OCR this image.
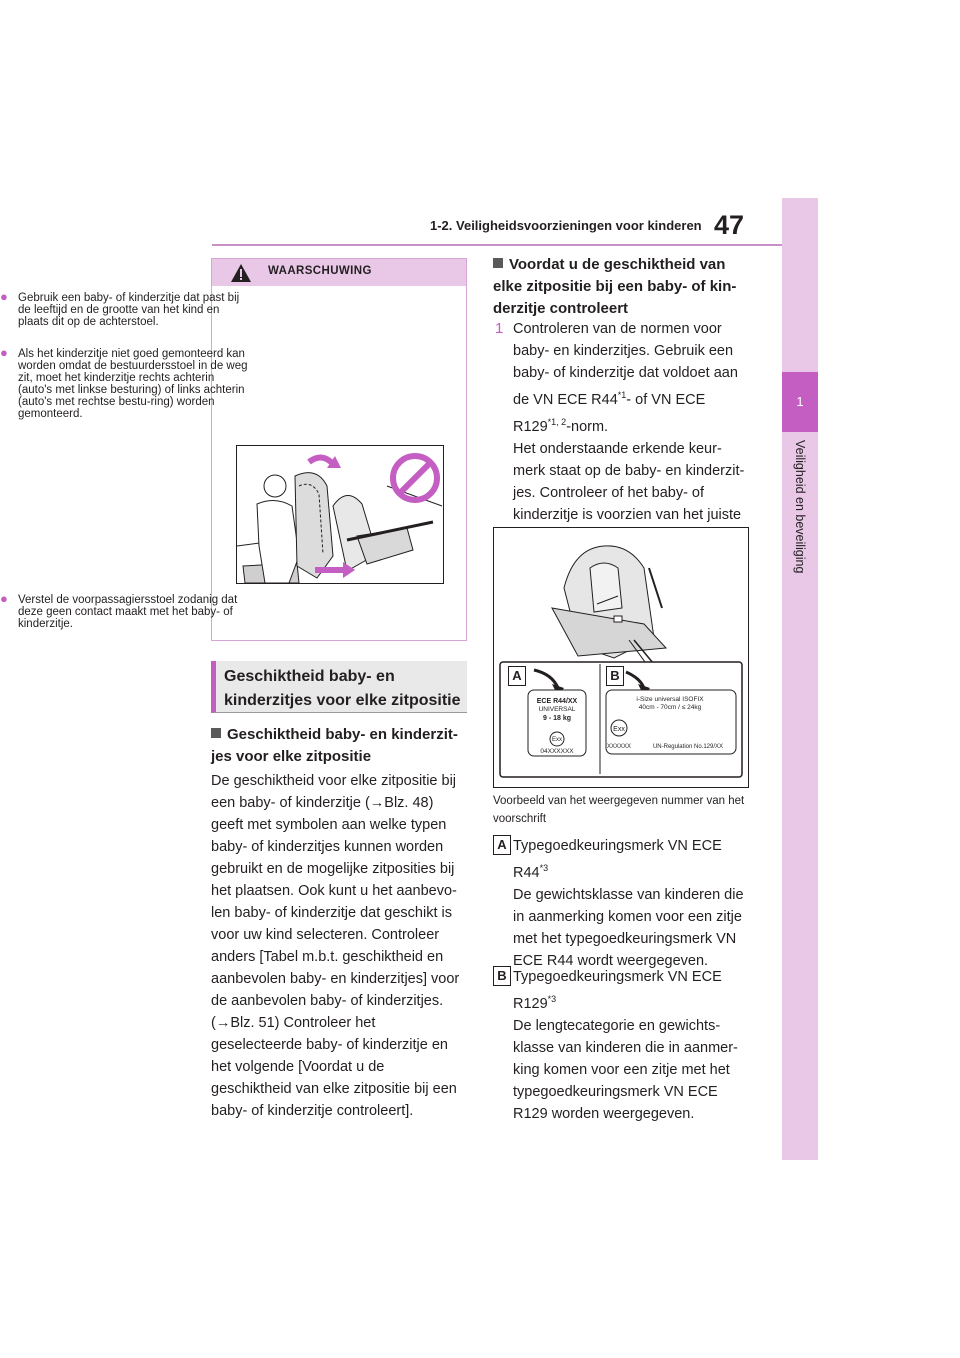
1-2. Veiligheidsvoorzieningen voor kinderen 47
1
Veiligheid en beveiliging
WAARSCHUWING
● Gebruik een baby- of kinderzitje dat past bij de leeftijd en de grootte van het kind en plaats dit op de achterstoel.
● Als het kinderzitje niet goed gemonteerd kan worden omdat de bestuurdersstoel in de weg zit, moet het kinderzitje rechts achterin (auto's met linkse besturing) of links achterin (auto's met rechtse bestu-ring) worden gemonteerd.
● Verstel de voorpassagiersstoel zodanig dat deze geen contact maakt met het baby- of kinderzitje.
Geschiktheid baby- en kinderzitjes voor elke zitpositie
Geschiktheid baby- en kinderzit-jes voor elke zitpositie
De geschiktheid voor elke zitpositie bij een baby- of kinderzitje (→Blz. 48) geeft met symbolen aan welke typen baby- of kinderzitjes kunnen worden gebruikt en de mogelijke zitposities bij het plaatsen. Ook kunt u het aanbevo-len baby- of kinderzitje dat geschikt is voor uw kind selecteren. Controleer anders [Tabel m.b.t. geschiktheid en aanbevolen baby- en kinderzitjes] voor de aanbevolen baby- of kinderzitjes. (→Blz. 51) Controleer het geselecteerde baby- of kinderzitje en het volgende [Voordat u de geschiktheid van elke zitpositie bij een baby- of kinderzitje controleert].
Voordat u de geschiktheid van elke zitpositie bij een baby- of kin-derzitje controleert
1 Controleren van de normen voor baby- en kinderzitjes. Gebruik een baby- of kinderzitje dat voldoet aan de VN ECE R44$^{*1}$- of VN ECE R129$^{*1, 2}$-norm.
Het onderstaande erkende keur-merk staat op de baby- en kinderzit-jes. Controleer of het baby- of kinderzitje is voorzien van het juiste
ECE R44/XX
UNIVERSAL
9 - 18 kg
Exx
04XXXXXX
i-Size universal ISOFIX
40cm - 70cm / ≤ 24kg
Exx
XXXXXX	UN-Regulation No.129/XX
A	B
Voorbeeld van het weergegeven nummer van het voorschrift
A Typegoedkeuringsmerk VN ECE R44$^{*3}$
De gewichtsklasse van kinderen die in aanmerking komen voor een zitje met het typegoedkeuringsmerk VN ECE R44 wordt weergegeven.
B Typegoedkeuringsmerk VN ECE R129$^{*3}$
De lengtecategorie en gewichts-klasse van kinderen die in aanmer-king komen voor een zitje met het typegoedkeuringsmerk VN ECE R129 worden weergegeven.
